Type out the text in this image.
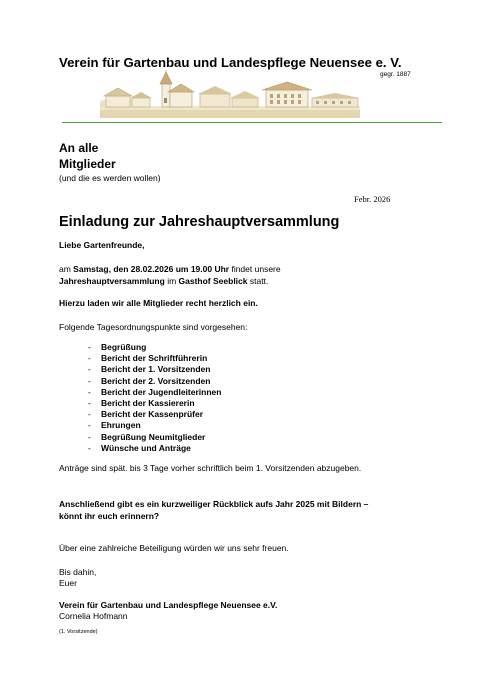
Verein für Gartenbau und Landespflege Neuensee e. V.
gegr. 1887
An alle
Mitglieder
(und die es werden wollen)
Febr. 2026
Einladung zur Jahreshauptversammlung
Liebe Gartenfreunde,
am Samstag, den 28.02.2026 um 19.00 Uhr findet unsere
Jahreshauptversammlung im Gasthof Seeblick statt.
Hierzu laden wir alle Mitglieder recht herzlich ein.
Folgende Tagesordnungspunkte sind vorgesehen:
- Begrüßung
- Bericht der Schriftführerin
- Bericht der 1. Vorsitzenden
- Bericht der 2. Vorsitzenden
- Bericht der Jugendleiterinnen
- Bericht der Kassiererin
- Bericht der Kassenprüfer
- Ehrungen
- Begrüßung Neumitglieder
- Wünsche und Anträge
Anträge sind spät. bis 3 Tage vorher schriftlich beim 1. Vorsitzenden abzugeben.
Anschließend gibt es ein kurzweiliger Rückblick aufs Jahr 2025 mit Bildern –
könnt ihr euch erinnern?
Über eine zahlreiche Beteiligung würden wir uns sehr freuen.
Bis dahin,
Euer
Verein für Gartenbau und Landespflege Neuensee e.V.
Cornelia Hofmann
(1. Vorsitzende)
